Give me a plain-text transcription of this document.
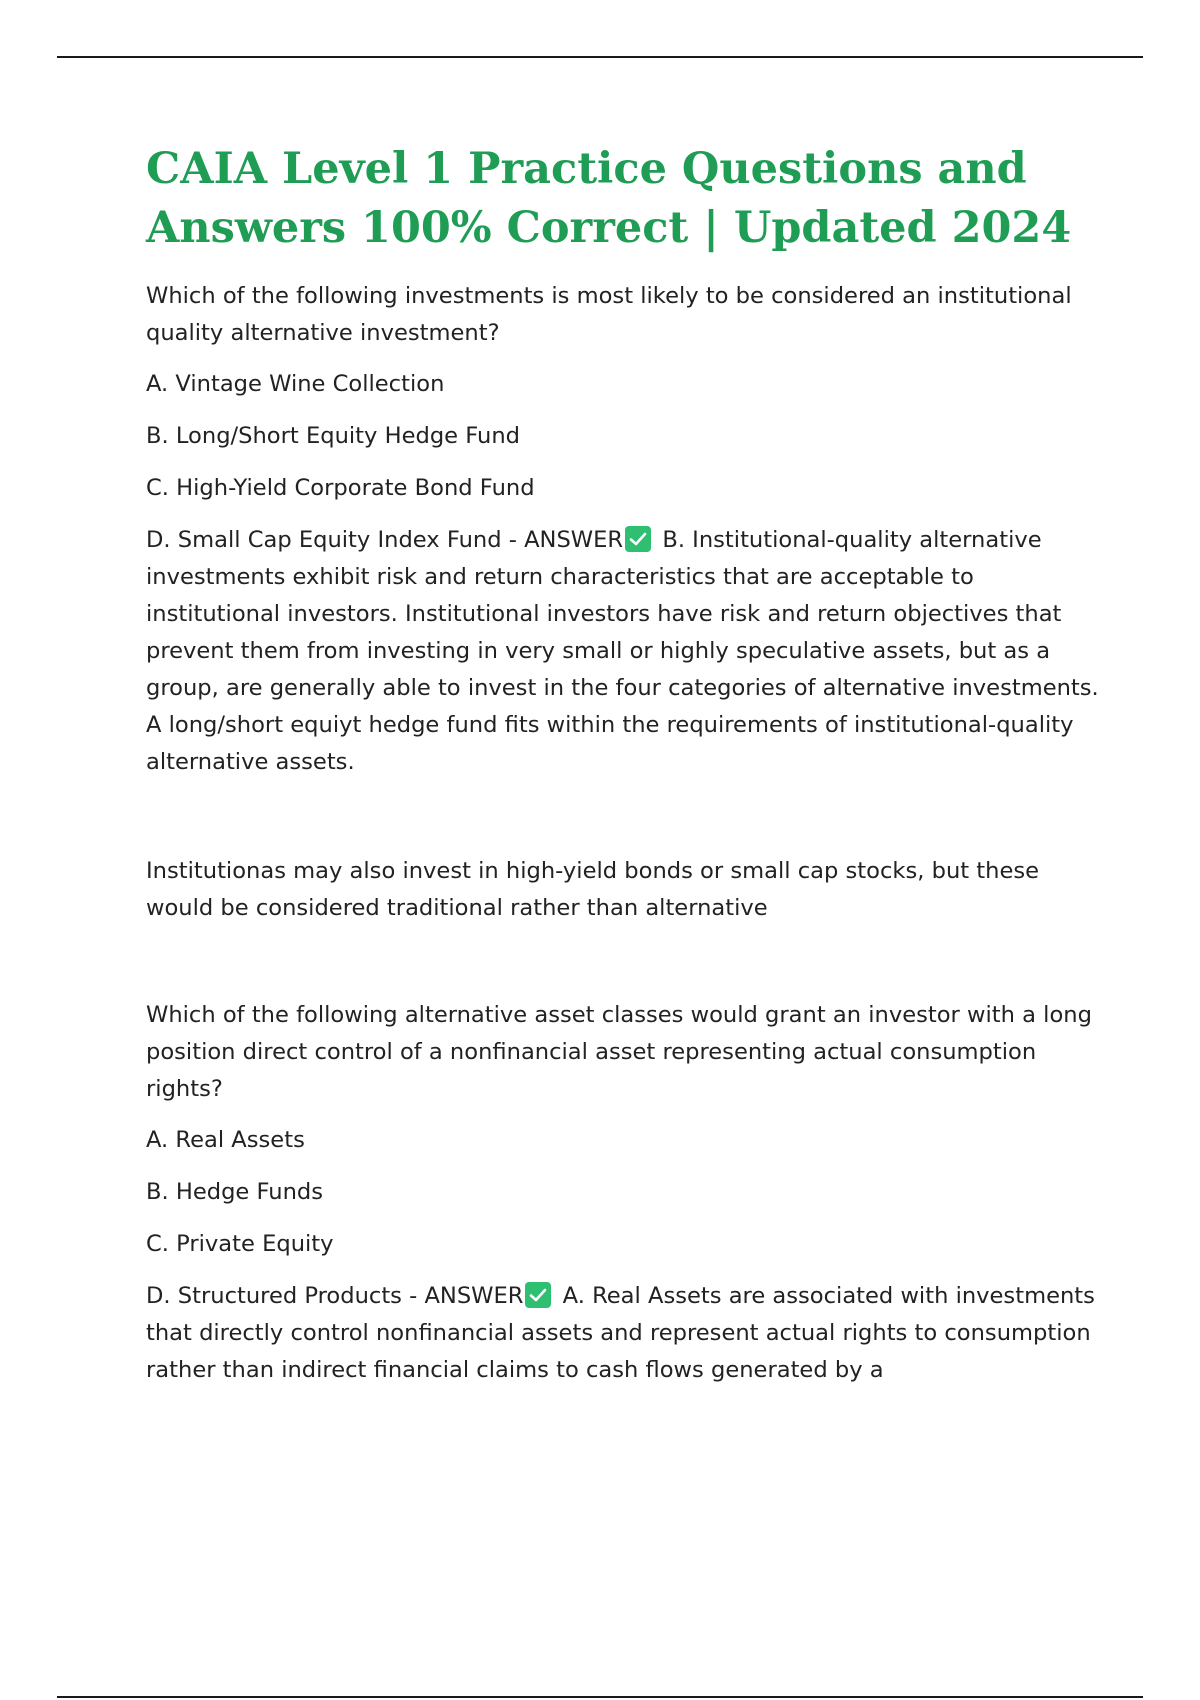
CAIA Level 1 Practice Questions and Answers 100% Correct | Updated 2024

Which of the following investments is most likely to be considered an institutional quality alternative investment?

A. Vintage Wine Collection

B. Long/Short Equity Hedge Fund

C. High-Yield Corporate Bond Fund

D. Small Cap Equity Index Fund - ANSWER B. Institutional-quality alternative investments exhibit risk and return characteristics that are acceptable to institutional investors. Institutional investors have risk and return objectives that prevent them from investing in very small or highly speculative assets, but as a group, are generally able to invest in the four categories of alternative investments. A long/short equiyt hedge fund fits within the requirements of institutional-quality alternative assets.

Institutionas may also invest in high-yield bonds or small cap stocks, but these would be considered traditional rather than alternative

Which of the following alternative asset classes would grant an investor with a long position direct control of a nonfinancial asset representing actual consumption rights?

A. Real Assets

B. Hedge Funds

C. Private Equity

D. Structured Products - ANSWER A. Real Assets are associated with investments that directly control nonfinancial assets and represent actual rights to consumption rather than indirect financial claims to cash flows generated by a
